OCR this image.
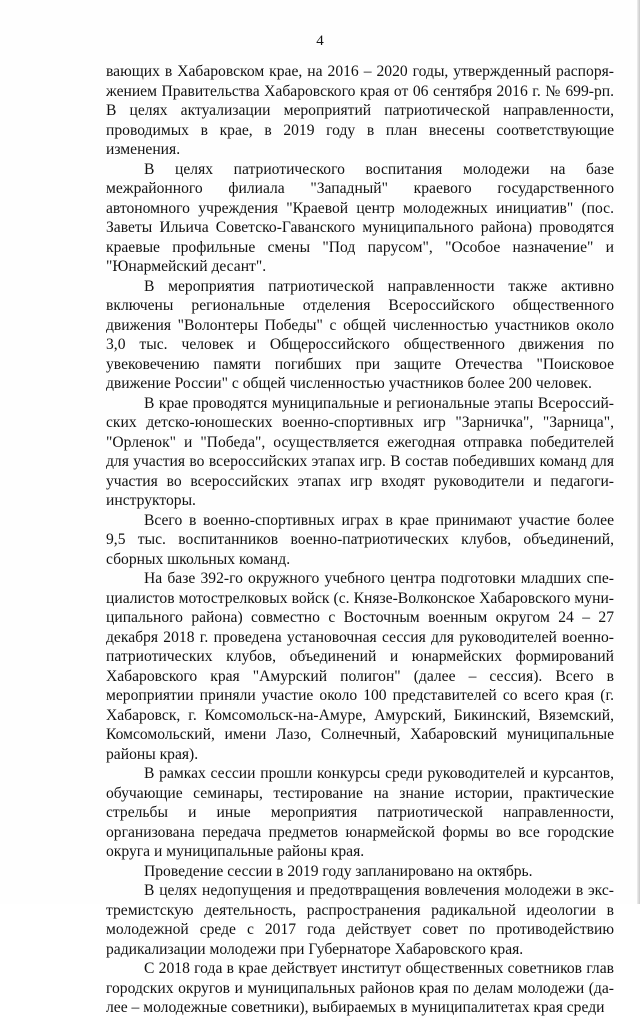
4

вающих в Хабаровском крае, на 2016 – 2020 годы, утвержденный распоряжением Правительства Хабаровского края от 06 сентября 2016 г. № 699-рп. В целях актуализации мероприятий патриотической направленности, проводимых в крае, в 2019 году в план внесены соответствующие изменения.

В целях патриотического воспитания молодежи на базе межрайонного филиала "Западный" краевого государственного автономного учреждения "Краевой центр молодежных инициатив" (пос. Заветы Ильича Советско-Гаванского муниципального района) проводятся краевые профильные смены "Под парусом", "Особое назначение" и "Юнармейский десант".

В мероприятия патриотической направленности также активно включены региональные отделения Всероссийского общественного движения "Волонтеры Победы" с общей численностью участников около 3,0 тыс. человек и Общероссийского общественного движения по увековечению памяти погибших при защите Отечества "Поисковое движение России" с общей численностью участников более 200 человек.

В крае проводятся муниципальные и региональные этапы Всероссийских детско-юношеских военно-спортивных игр "Зарничка", "Зарница", "Орленок" и "Победа", осуществляется ежегодная отправка победителей для участия во всероссийских этапах игр. В состав победивших команд для участия во всероссийских этапах игр входят руководители и педагоги-инструкторы.

Всего в военно-спортивных играх в крае принимают участие более 9,5 тыс. воспитанников военно-патриотических клубов, объединений, сборных школьных команд.

На базе 392-го окружного учебного центра подготовки младших специалистов мотострелковых войск (с. Князе-Волконское Хабаровского муниципального района) совместно с Восточным военным округом 24 – 27 декабря 2018 г. проведена установочная сессия для руководителей военно-патриотических клубов, объединений и юнармейских формирований Хабаровского края "Амурский полигон" (далее – сессия). Всего в мероприятии приняли участие около 100 представителей со всего края (г. Хабаровск, г. Комсомольск-на-Амуре, Амурский, Бикинский, Вяземский, Комсомольский, имени Лазо, Солнечный, Хабаровский муниципальные районы края).

В рамках сессии прошли конкурсы среди руководителей и курсантов, обучающие семинары, тестирование на знание истории, практические стрельбы и иные мероприятия патриотической направленности, организована передача предметов юнармейской формы во все городские округа и муниципальные районы края.

Проведение сессии в 2019 году запланировано на октябрь.

В целях недопущения и предотвращения вовлечения молодежи в экстремистскую деятельность, распространения радикальной идеологии в молодежной среде с 2017 года действует совет по противодействию радикализации молодежи при Губернаторе Хабаровского края.

С 2018 года в крае действует институт общественных советников глав городских округов и муниципальных районов края по делам молодежи (далее – молодежные советники), выбираемых в муниципалитетах края среди
